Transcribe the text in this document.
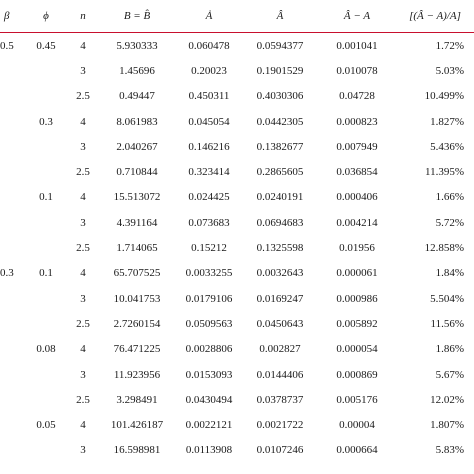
β	ϕ	n	B = B̂	Ȧ	Â	Â − A	[(Â − A)/A]
0.5	0.45	4	5.930333	0.060478	0.0594377	0.001041	1.72%
		3	1.45696	0.20023	0.1901529	0.010078	5.03%
		2.5	0.49447	0.450311	0.4030306	0.04728	10.499%
	0.3	4	8.061983	0.045054	0.0442305	0.000823	1.827%
		3	2.040267	0.146216	0.1382677	0.007949	5.436%
		2.5	0.710844	0.323414	0.2865605	0.036854	11.395%
	0.1	4	15.513072	0.024425	0.0240191	0.000406	1.66%
		3	4.391164	0.073683	0.0694683	0.004214	5.72%
		2.5	1.714065	0.15212	0.1325598	0.01956	12.858%
0.3	0.1	4	65.707525	0.0033255	0.0032643	0.000061	1.84%
		3	10.041753	0.0179106	0.0169247	0.000986	5.504%
		2.5	2.7260154	0.0509563	0.0450643	0.005892	11.56%
	0.08	4	76.471225	0.0028806	0.002827	0.000054	1.86%
		3	11.923956	0.0153093	0.0144406	0.000869	5.67%
		2.5	3.298491	0.0430494	0.0378737	0.005176	12.02%
	0.05	4	101.426187	0.0022121	0.0021722	0.00004	1.807%
		3	16.598981	0.0113908	0.0107246	0.000664	5.83%
